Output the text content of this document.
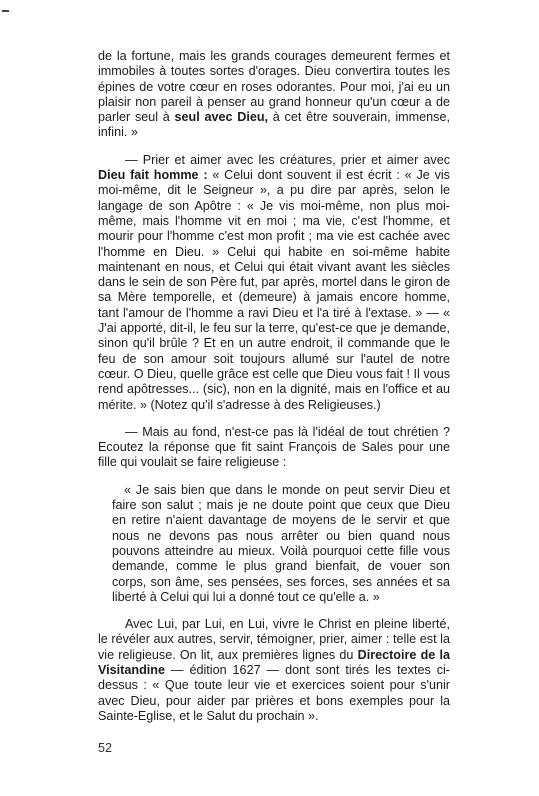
de la fortune, mais les grands courages demeurent fermes et immobiles à toutes sortes d'orages. Dieu convertira toutes les épines de votre cœur en roses odorantes. Pour moi, j'ai eu un plaisir non pareil à penser au grand honneur qu'un cœur a de parler seul à seul avec Dieu, à cet être souverain, immense, infini. »

— Prier et aimer avec les créatures, prier et aimer avec Dieu fait homme : « Celui dont souvent il est écrit : « Je vis moi-même, dit le Seigneur », a pu dire par après, selon le langage de son Apôtre : « Je vis moi-même, non plus moi-même, mais l'homme vit en moi ; ma vie, c'est l'homme, et mourir pour l'homme c'est mon profit ; ma vie est cachée avec l'homme en Dieu. » Celui qui habite en soi-même habite maintenant en nous, et Celui qui était vivant avant les siècles dans le sein de son Père fut, par après, mortel dans le giron de sa Mère temporelle, et (demeure) à jamais encore homme, tant l'amour de l'homme a ravi Dieu et l'a tiré à l'extase. » — « J'ai apporté, dit-il, le feu sur la terre, qu'est-ce que je demande, sinon qu'il brûle ? Et en un autre endroit, il commande que le feu de son amour soit toujours allumé sur l'autel de notre cœur. O Dieu, quelle grâce est celle que Dieu vous fait ! Il vous rend apôtresses... (sic), non en la dignité, mais en l'office et au mérite. » (Notez qu'il s'adresse à des Religieuses.)

— Mais au fond, n'est-ce pas là l'idéal de tout chrétien ? Ecoutez la réponse que fit saint François de Sales pour une fille qui voulait se faire religieuse :

« Je sais bien que dans le monde on peut servir Dieu et faire son salut ; mais je ne doute point que ceux que Dieu en retire n'aient davantage de moyens de le servir et que nous ne devons pas nous arrêter ou bien quand nous pouvons atteindre au mieux. Voilà pourquoi cette fille vous demande, comme le plus grand bienfait, de vouer son corps, son âme, ses pensées, ses forces, ses années et sa liberté à Celui qui lui a donné tout ce qu'elle a. »

Avec Lui, par Lui, en Lui, vivre le Christ en pleine liberté, le révéler aux autres, servir, témoigner, prier, aimer : telle est la vie religieuse. On lit, aux premières lignes du Directoire de la Visitandine — édition 1627 — dont sont tirés les textes ci-dessus : « Que toute leur vie et exercices soient pour s'unir avec Dieu, pour aider par prières et bons exemples pour la Sainte-Eglise, et le Salut du prochain ».

52
